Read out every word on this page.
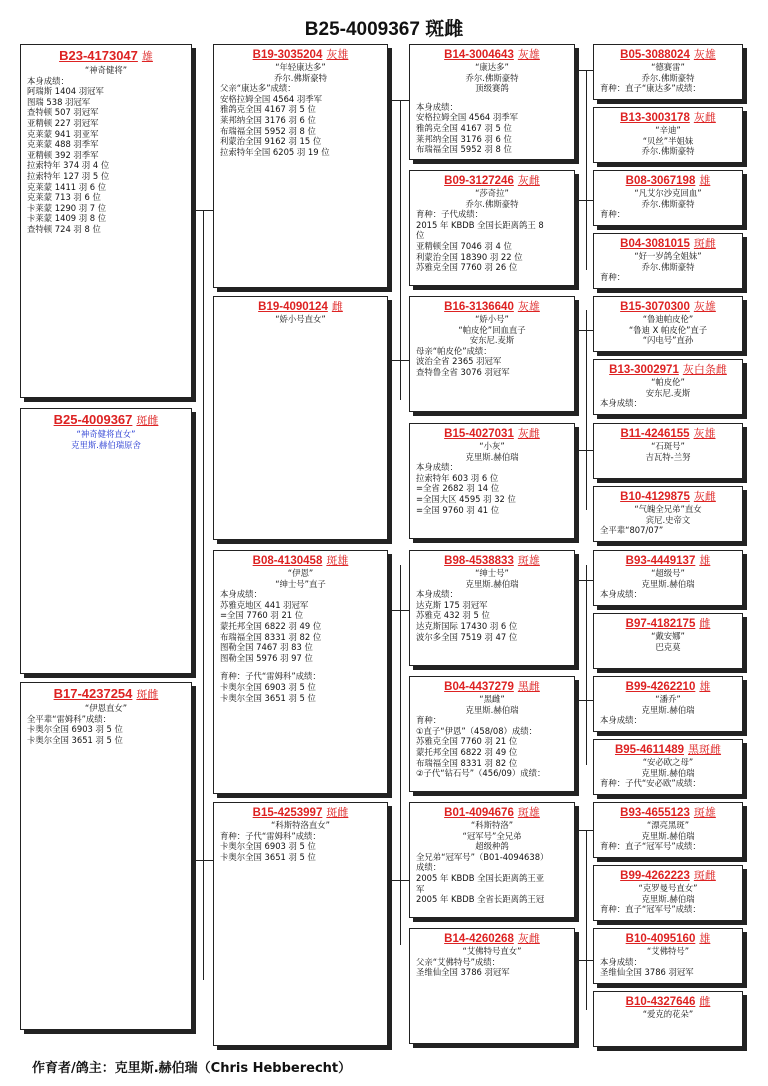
B25-4009367 斑雌
B23-4173047 雄
“神奇健将”
本身成绩：
阿瑞斯 1404 羽冠军
图瑞 538 羽冠军
查特顿 507 羽冠军
亚精顿 227 羽冠军
克莱蒙 941 羽亚军
克莱蒙 488 羽季军
亚精顿 392 羽季军
拉索特年 374 羽 4 位
拉索特年 127 羽 5 位
克莱蒙 1411 羽 6 位
克莱蒙 713 羽 6 位
卡莱蒙 1290 羽 7 位
卡莱蒙 1409 羽 8 位
查特顿 724 羽 8 位
B25-4009367 斑雌
“神奇健将直女”
克里斯.赫伯瑞原舍
B17-4237254 斑雌
“伊恩直女”
全平辈“雷姆科”成绩：
卡奥尔全国 6903 羽 5 位
卡奥尔全国 3651 羽 5 位
B19-3035204 灰雄
“年轻康达多”
乔尔.佛斯豪特
父亲“康达多”成绩：
安格拉姆全国 4564 羽季军
雅鸽克全国 4167 羽 5 位
莱邦纳全国 3176 羽 6 位
布瑞福全国 5952 羽 8 位
利蒙治全国 9162 羽 15 位
拉索特年全国 6205 羽 19 位
B19-4090124 雌
“娇小号直女”
B08-4130458 斑雄
“伊恩”
“绅士号”直子
本身成绩：
苏雅克地区 441 羽冠军
=全国 7760 羽 21 位
蒙托邦全国 6822 羽 49 位
布瑞福全国 8331 羽 82 位
图勒全国 7467 羽 83 位
图勒全国 5976 羽 97 位
育种：子代“雷姆科”成绩：
卡奥尔全国 6903 羽 5 位
卡奥尔全国 3651 羽 5 位
B15-4253997 斑雌
“科斯特洛直女”
育种：子代“雷姆科”成绩：
卡奥尔全国 6903 羽 5 位
卡奥尔全国 3651 羽 5 位
B14-3004643 灰雄
“康达多”
乔尔.佛斯豪特
顶级赛鸽
本身成绩：
安格拉姆全国 4564 羽季军
雅鸽克全国 4167 羽 5 位
莱邦纳全国 3176 羽 6 位
布瑞福全国 5952 羽 8 位
B09-3127246 灰雌
“莎奇拉”
乔尔.佛斯豪特
育种：子代成绩：
2015 年 KBDB 全国长距离鸽王 8
位
亚精顿全国 7046 羽 4 位
利蒙治全国 18390 羽 22 位
苏雅克全国 7760 羽 26 位
B16-3136640 灰雄
“娇小号”
“帕皮伦”回血直子
安东尼.麦斯
母亲“帕皮伦”成绩：
波治全省 2365 羽冠军
查特鲁全省 3076 羽冠军
B15-4027031 灰雌
“小灰”
克里斯.赫伯瑞
本身成绩：
拉索特年 603 羽 6 位
=全省 2682 羽 14 位
=全国大区 4595 羽 32 位
=全国 9760 羽 41 位
B98-4538833 斑雄
“绅士号”
克里斯.赫伯瑞
本身成绩：
达克斯 175 羽冠军
苏雅克 432 羽 5 位
达克斯国际 17430 羽 6 位
波尔多全国 7519 羽 47 位
B04-4437279 黑雌
“黑雌”
克里斯.赫伯瑞
育种：
①直子“伊恩”（458/08）成绩：
苏雅克全国 7760 羽 21 位
蒙托邦全国 6822 羽 49 位
布瑞福全国 8331 羽 82 位
②子代“钻石号”（456/09）成绩：
B01-4094676 斑雄
“科斯特洛”
“冠军号”全兄弟
超级种鸽
全兄弟“冠军号”（B01-4094638）
成绩：
2005 年 KBDB 全国长距离鸽王亚
军
2005 年 KBDB 全省长距离鸽王冠
B14-4260268 灰雌
“艾佛特号直女”
父亲“艾佛特号”成绩：
圣维仙全国 3786 羽冠军
B05-3088024 灰雄
“德赛雷”
乔尔.佛斯豪特
育种：直子“康达多”成绩：
B13-3003178 灰雌
“辛迪”
“贝丝”半姐妹
乔尔.佛斯豪特
B08-3067198 雄
“凡艾尔沙克回血”
乔尔.佛斯豪特
育种：
B04-3081015 斑雌
“好一岁鸽全姐妹”
乔尔.佛斯豪特
育种：
B15-3070300 灰雄
“鲁迪帕皮伦”
“鲁迪 X 帕皮伦”直子
“闪电号”直孙
B13-3002971 灰白条雌
“帕皮伦”
安东尼.麦斯
本身成绩：
B11-4246155 灰雄
“石斑号”
吉瓦特-兰努
B10-4129875 灰雌
“气魄全兄弟”直女
宾尼.史帝文
全平辈“807/07”
B93-4449137 雄
“超级号”
克里斯.赫伯瑞
本身成绩：
B97-4182175 雌
“戴安娜”
巴克莫
B99-4262210 雄
“潘乔”
克里斯.赫伯瑞
本身成绩：
B95-4611489 黑斑雌
“安必欧之母”
克里斯.赫伯瑞
育种：子代“安必欧”成绩：
B93-4655123 斑雄
“漂亮黑斑”
克里斯.赫伯瑞
育种：直子“冠军号”成绩：
B99-4262223 斑雌
“克罗曼号直女”
克里斯.赫伯瑞
育种：直子“冠军号”成绩：
B10-4095160 雄
“艾佛特号”
本身成绩：
圣维仙全国 3786 羽冠军
B10-4327646 雌
“爱克的花朵”
作育者/鸽主：克里斯.赫伯瑞（Chris Hebberecht）
